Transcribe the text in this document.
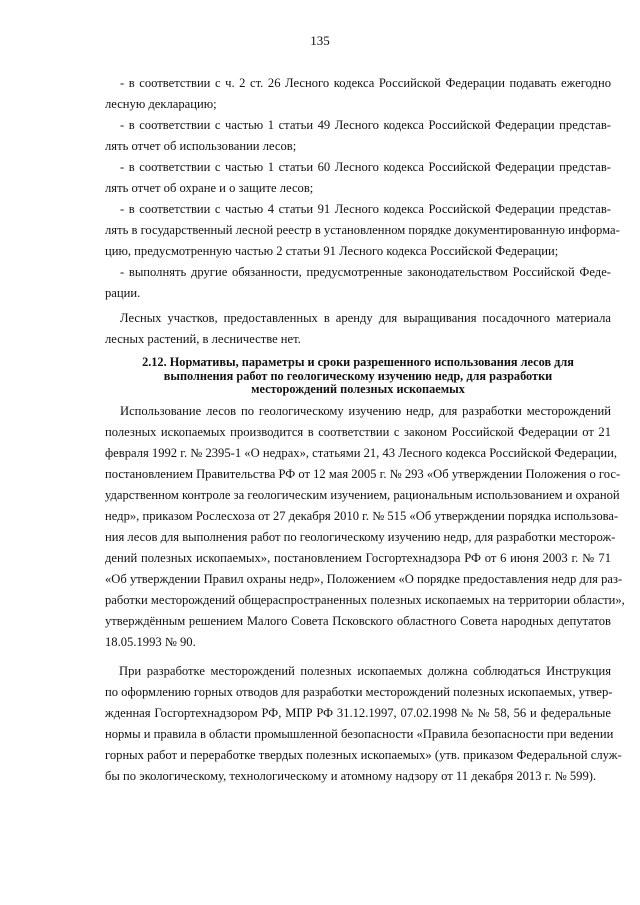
135
- в соответствии с ч. 2 ст. 26 Лесного кодекса Российской Федерации подавать ежегодно
лесную декларацию;
- в соответствии с частью 1 статьи 49 Лесного кодекса Российской Федерации представ-
лять отчет об использовании лесов;
- в соответствии с частью 1 статьи 60 Лесного кодекса Российской Федерации представ-
лять отчет об охране и о защите лесов;
- в соответствии с частью 4 статьи 91 Лесного кодекса Российской Федерации представ-
лять в государственный лесной реестр в установленном порядке документированную информа-
цию, предусмотренную частью 2 статьи 91 Лесного кодекса Российской Федерации;
- выполнять другие обязанности, предусмотренные законодательством Российской Феде-
рации.
Лесных участков, предоставленных в аренду для выращивания посадочного материала
лесных растений, в лесничестве нет.
2.12. Нормативы, параметры и сроки разрешенного использования лесов для
выполнения работ по геологическому изучению недр, для разработки
месторождений полезных ископаемых
Использование лесов по геологическому изучению недр, для разработки месторождений
полезных ископаемых производится в соответствии с законом Российской Федерации от 21
февраля 1992 г. № 2395-1 «О недрах», статьями 21, 43 Лесного кодекса Российской Федерации,
постановлением Правительства РФ от 12 мая 2005 г. № 293 «Об утверждении Положения о гос-
ударственном контроле за геологическим изучением, рациональным использованием и охраной
недр», приказом Рослесхоза от 27 декабря 2010 г. № 515 «Об утверждении порядка использова-
ния лесов для выполнения работ по геологическому изучению недр, для разработки месторож-
дений полезных ископаемых», постановлением Госгортехнадзора РФ от 6 июня 2003 г. № 71
«Об утверждении Правил охраны недр», Положением «О порядке предоставления недр для раз-
работки месторождений общераспространенных полезных ископаемых на территории области»,
утверждённым решением Малого Совета Псковского областного Совета народных депутатов
18.05.1993 № 90.
При разработке месторождений полезных ископаемых должна соблюдаться Инструкция
по оформлению горных отводов для разработки месторождений полезных ископаемых, утвер-
жденная Госгортехнадзором РФ, МПР РФ 31.12.1997, 07.02.1998 № № 58, 56 и федеральные
нормы и правила в области промышленной безопасности «Правила безопасности при ведении
горных работ и переработке твердых полезных ископаемых» (утв. приказом Федеральной служ-
бы по экологическому, технологическому и атомному надзору от 11 декабря 2013 г. № 599).
